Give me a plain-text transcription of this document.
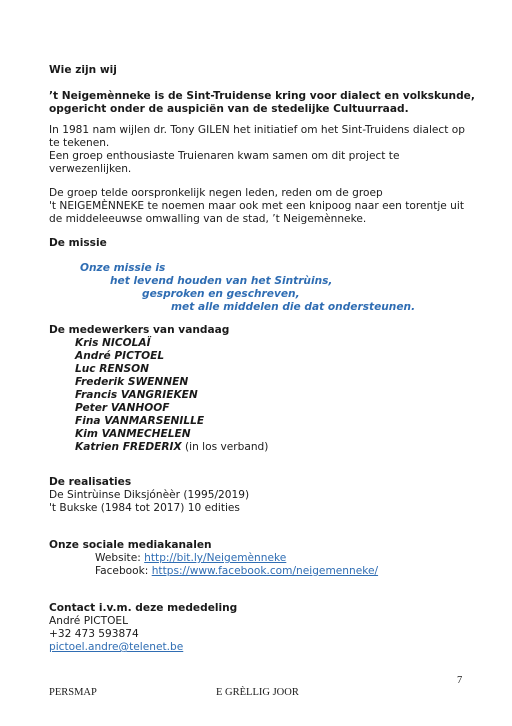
Wie zijn wij
’t Neigemènneke is de Sint-Truidense kring voor dialect en volkskunde,
opgericht onder de auspiciën van de stedelijke Cultuurraad.
In 1981 nam wijlen dr. Tony GILEN het initiatief om het Sint-Truidens dialect op
te tekenen.
Een groep enthousiaste Truienaren kwam samen om dit project te
verwezenlijken.
De groep telde oorspronkelijk negen leden, reden om de groep
't NEIGEMÈNNEKE te noemen maar ook met een knipoog naar een torentje uit
de middeleeuwse omwalling van de stad, ’t Neigemènneke.
De missie
Onze missie is
het levend houden van het Sintrùins,
gesproken en geschreven,
met alle middelen die dat ondersteunen.
De medewerkers van vandaag
Kris NICOLAÏ
André PICTOEL
Luc RENSON
Frederik SWENNEN
Francis VANGRIEKEN
Peter VANHOOF
Fina VANMARSENILLE
Kim VANMECHELEN
Katrien FREDERIX (in los verband)
De realisaties
De Sintrùinse Diksjónèèr (1995/2019)
't Bukske (1984 tot 2017) 10 edities
Onze sociale mediakanalen
Website: http://bit.ly/Neigemènneke
Facebook: https://www.facebook.com/neigemenneke/
Contact i.v.m. deze mededeling
André PICTOEL
+32 473 593874
pictoel.andre@telenet.be
7
PERSMAP	E GRÈLLIG JOOR
